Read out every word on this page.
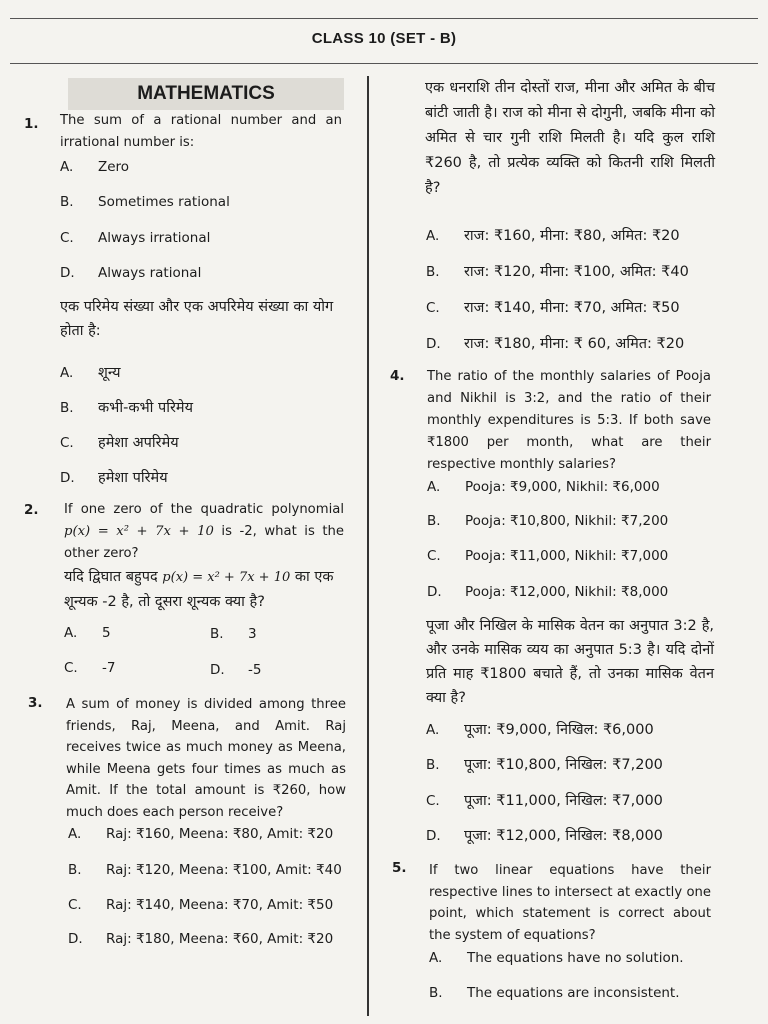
CLASS 10 (SET - B)
MATHEMATICS
1. The sum of a rational number and an irrational number is:
A. Zero
B. Sometimes rational
C. Always irrational
D. Always rational
एक परिमेय संख्या और एक अपरिमेय संख्या का योग होता है:
A. शून्य
B. कभी-कभी परिमेय
C. हमेशा अपरिमेय
D. हमेशा परिमेय
2. If one zero of the quadratic polynomial p(x) = x² + 7x + 10 is -2, what is the other zero?
यदि द्विघात बहुपद p(x) = x² + 7x + 10 का एक शून्यक -2 है, तो दूसरा शून्यक क्या है?
A. 5	B. 3
C. -7	D. -5
3. A sum of money is divided among three friends, Raj, Meena, and Amit. Raj receives twice as much money as Meena, while Meena gets four times as much as Amit. If the total amount is ₹260, how much does each person receive?
A. Raj: ₹160, Meena: ₹80, Amit: ₹20
B. Raj: ₹120, Meena: ₹100, Amit: ₹40
C. Raj: ₹140, Meena: ₹70, Amit: ₹50
D. Raj: ₹180, Meena: ₹60, Amit: ₹20
एक धनराशि तीन दोस्तों राज, मीना और अमित के बीच बांटी जाती है। राज को मीना से दोगुनी, जबकि मीना को अमित से चार गुनी राशि मिलती है। यदि कुल राशि ₹260 है, तो प्रत्येक व्यक्ति को कितनी राशि मिलती है?
A. राज: ₹160, मीना: ₹80, अमित: ₹20
B. राज: ₹120, मीना: ₹100, अमित: ₹40
C. राज: ₹140, मीना: ₹70, अमित: ₹50
D. राज: ₹180, मीना: ₹ 60, अमित: ₹20
4. The ratio of the monthly salaries of Pooja and Nikhil is 3:2, and the ratio of their monthly expenditures is 5:3. If both save ₹1800 per month, what are their respective monthly salaries?
A. Pooja: ₹9,000, Nikhil: ₹6,000
B. Pooja: ₹10,800, Nikhil: ₹7,200
C. Pooja: ₹11,000, Nikhil: ₹7,000
D. Pooja: ₹12,000, Nikhil: ₹8,000
पूजा और निखिल के मासिक वेतन का अनुपात 3:2 है, और उनके मासिक व्यय का अनुपात 5:3 है। यदि दोनों प्रति माह ₹1800 बचाते हैं, तो उनका मासिक वेतन क्या है?
A. पूजा: ₹9,000, निखिल: ₹6,000
B. पूजा: ₹10,800, निखिल: ₹7,200
C. पूजा: ₹11,000, निखिल: ₹7,000
D. पूजा: ₹12,000, निखिल: ₹8,000
5. If two linear equations have their respective lines to intersect at exactly one point, which statement is correct about the system of equations?
A. The equations have no solution.
B. The equations are inconsistent.
